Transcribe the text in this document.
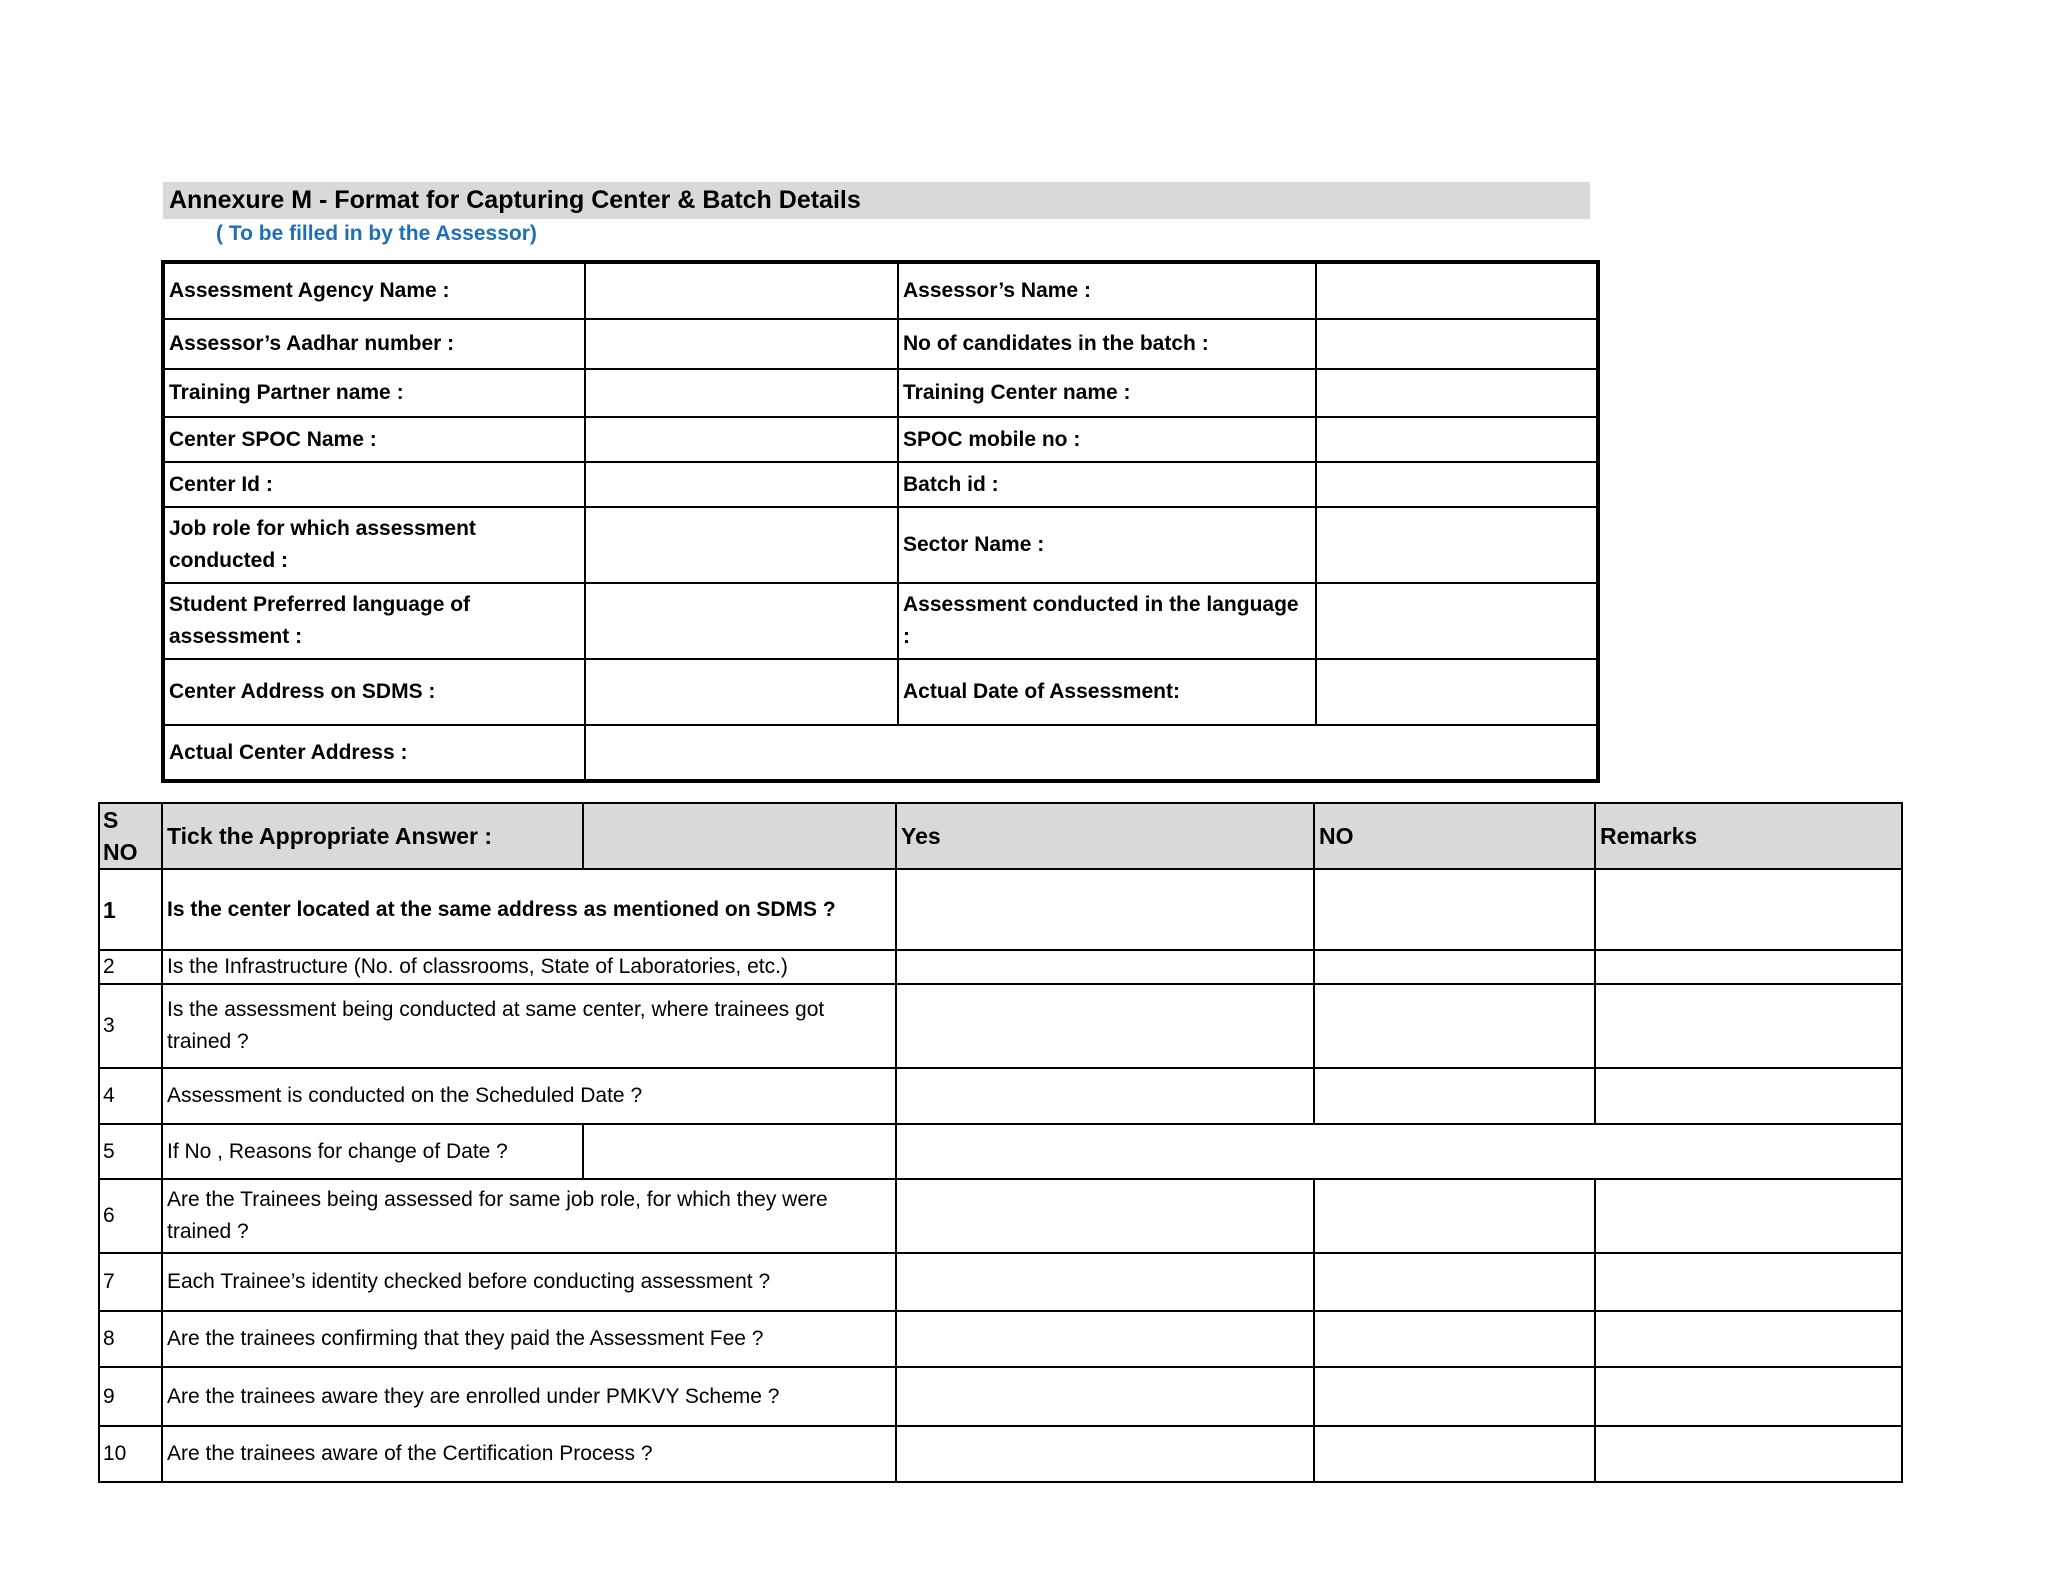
Annexure M - Format for Capturing Center & Batch Details
( To be filled in by the Assessor)
Assessment Agency Name :		Assessor’s Name :	
Assessor’s Aadhar number :		No of candidates in the batch :	
Training Partner name :		Training Center name :	
Center SPOC Name :		SPOC mobile no :	
Center Id :		Batch id :	
Job role for which assessment conducted :		Sector Name :	
Student Preferred language of assessment :		Assessment conducted in the language :	
Center Address on SDMS :		Actual Date of Assessment:	
Actual Center Address :			
S NO	Tick the Appropriate Answer :		Yes	NO	Remarks
1	Is the center located at the same address as mentioned on SDMS ?				
2	Is the Infrastructure (No. of classrooms, State of Laboratories, etc.)				
3	Is the assessment being conducted at same center, where trainees got trained ?				
4	Assessment is conducted on the Scheduled Date ?				
5	If No , Reasons for change of Date ?				
6	Are the Trainees being assessed for same job role, for which they were trained ?				
7	Each Trainee’s identity checked before conducting assessment ?				
8	Are the trainees confirming that they paid the Assessment Fee ?				
9	Are the trainees aware they are enrolled under PMKVY Scheme ?				
10	Are the trainees aware of the Certification Process ?				
